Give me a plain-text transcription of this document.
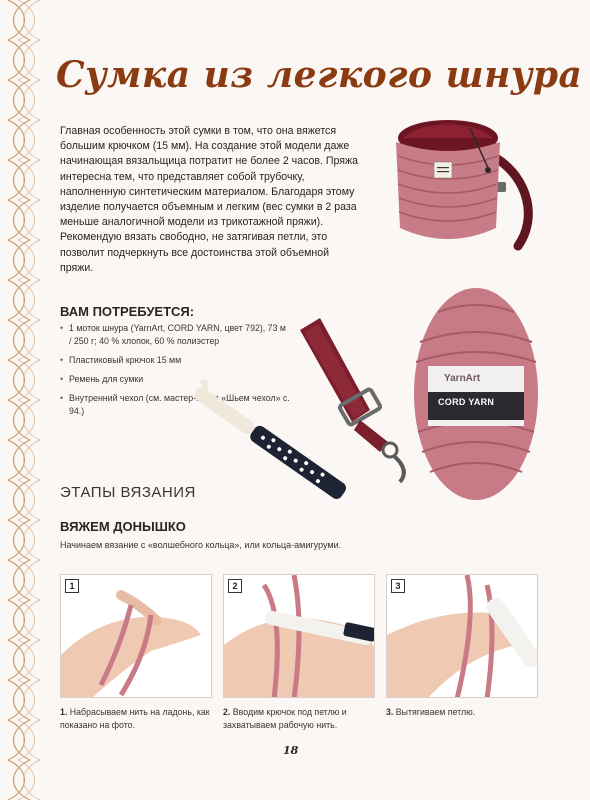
Сумка из легкого шнура

Главная особенность этой сумки в том, что она вяжется большим крючком (15 мм). На создание этой модели даже начинающая вязальщица потратит не более 2 часов. Пряжа интересна тем, что представляет собой трубочку, наполненную синтетическим материалом. Благодаря этому изделие получается объемным и легким (вес сумки в 2 раза меньше аналогичной модели из трикотажной пряжи). Рекомендую вязать свободно, не затягивая петли, это позволит подчеркнуть все достоинства этой объемной пряжи.

ВАМ ПОТРЕБУЕТСЯ:
• 1 моток шнура (YarnArt, CORD YARN, цвет 792), 73 м / 250 г; 40 % хлопок, 60 % полиэстер
• Пластиковый крючок 15 мм
• Ремень для сумки
• Внутренний чехол (см. мастер-класс «Шьем чехол» с. 94.)
YarnArt
CORD YARN
ЭТАПЫ ВЯЗАНИЯ
ВЯЖЕМ ДОНЫШКО

Начинаем вязание с «волшебного кольца», или кольца-амигуруми.

1	2	3

1. Набрасываем нить на ладонь, как показано на фото.

2. Вводим крючок под петлю и захватываем рабочую нить.

3. Вытягиваем петлю.

18
